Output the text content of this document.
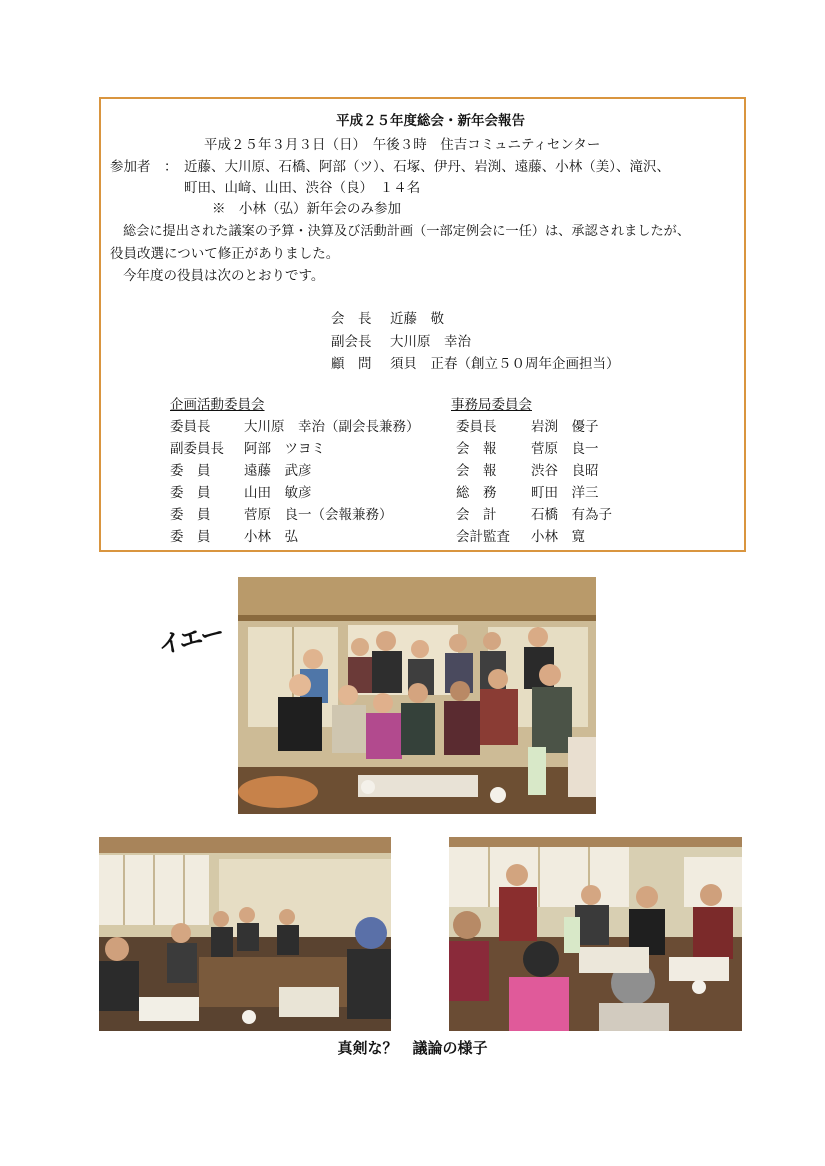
平成２５年度総会・新年会報告
平成２５年３月３日（日）　午後３時　住吉コミュニティセンター
参加者　： 近藤、大川原、石橋、阿部（ツ）、石塚、伊丹、岩渕、遠藤、小林（美）、滝沢、
町田、山﨑、山田、渋谷（良）　１４名
※　小林（弘）新年会のみ参加
総会に提出された議案の予算・決算及び活動計画（一部定例会に一任）は、承認されましたが、
役員改選について修正がありました。
今年度の役員は次のとおりです。
会　長 近藤　敬
副会長 大川原　幸治
顧　問 須貝　正春（創立５０周年企画担当）
企画活動委員会
委員長 大川原　幸治（副会長兼務）
副委員長 阿部　ツヨミ
委　員 遠藤　武彦
委　員 山田　敏彦
委　員 菅原　良一（会報兼務）
委　員 小林　弘
事務局委員会
委員長	岩渕　優子
会　報	菅原　良一
会　報	渋谷　良昭
総　務	町田　洋三
会　計	石橋　有為子
会計監査 小林　寛
イエー
真剣な？　議論の様子
